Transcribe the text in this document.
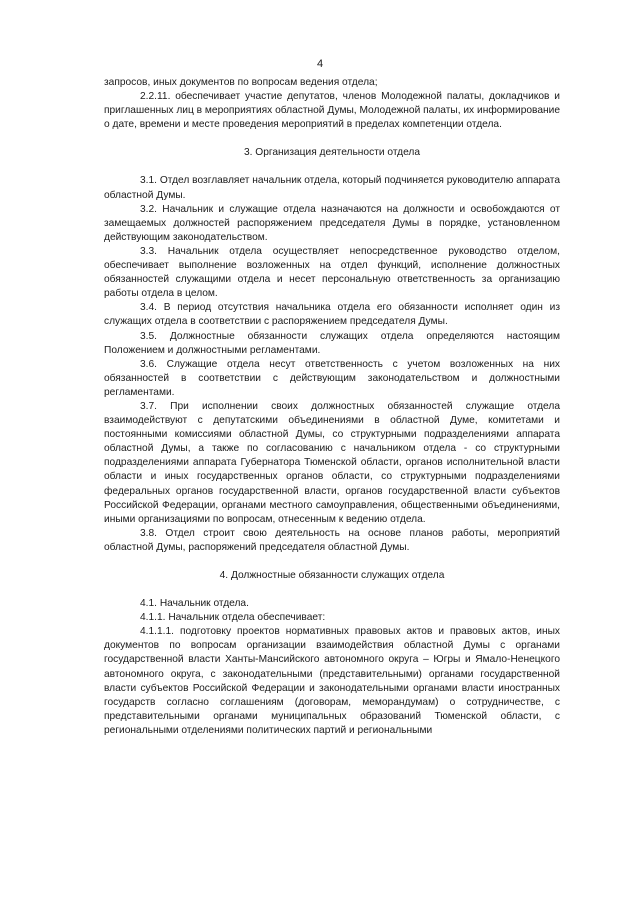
4

запросов, иных документов по вопросам ведения отдела;

2.2.11. обеспечивает участие депутатов, членов Молодежной палаты, докладчиков и приглашенных лиц в мероприятиях областной Думы, Молодежной палаты, их информирование о дате, времени и месте проведения мероприятий в пределах компетенции отдела.

3. Организация деятельности отдела

3.1. Отдел возглавляет начальник отдела, который подчиняется руководителю аппарата областной Думы.

3.2. Начальник и служащие отдела назначаются на должности и освобождаются от замещаемых должностей распоряжением председателя Думы в порядке, установленном действующим законодательством.

3.3. Начальник отдела осуществляет непосредственное руководство отделом, обеспечивает выполнение возложенных на отдел функций, исполнение должностных обязанностей служащими отдела и несет персональную ответственность за организацию работы отдела в целом.

3.4. В период отсутствия начальника отдела его обязанности исполняет один из служащих отдела в соответствии с распоряжением председателя Думы.

3.5. Должностные обязанности служащих отдела определяются настоящим Положением и должностными регламентами.

3.6. Служащие отдела несут ответственность с учетом возложенных на них обязанностей в соответствии с действующим законодательством и должностными регламентами.

3.7. При исполнении своих должностных обязанностей служащие отдела взаимодействуют с депутатскими объединениями в областной Думе, комитетами и постоянными комиссиями областной Думы, со структурными подразделениями аппарата областной Думы, а также по согласованию с начальником отдела - со структурными подразделениями аппарата Губернатора Тюменской области, органов исполнительной власти области и иных государственных органов области, со структурными подразделениями федеральных органов государственной власти, органов государственной власти субъектов Российской Федерации, органами местного самоуправления, общественными объединениями, иными организациями по вопросам, отнесенным к ведению отдела.

3.8. Отдел строит свою деятельность на основе планов работы, мероприятий областной Думы, распоряжений председателя областной Думы.

4. Должностные обязанности служащих отдела

4.1. Начальник отдела.

4.1.1. Начальник отдела обеспечивает:

4.1.1.1. подготовку проектов нормативных правовых актов и правовых актов, иных документов по вопросам организации взаимодействия областной Думы с органами государственной власти Ханты-Мансийского автономного округа – Югры и Ямало-Ненецкого автономного округа, с законодательными (представительными) органами государственной власти субъектов Российской Федерации и законодательными органами власти иностранных государств согласно соглашениям (договорам, меморандумам) о сотрудничестве, с представительными органами муниципальных образований Тюменской области, с региональными отделениями политических партий и региональными
